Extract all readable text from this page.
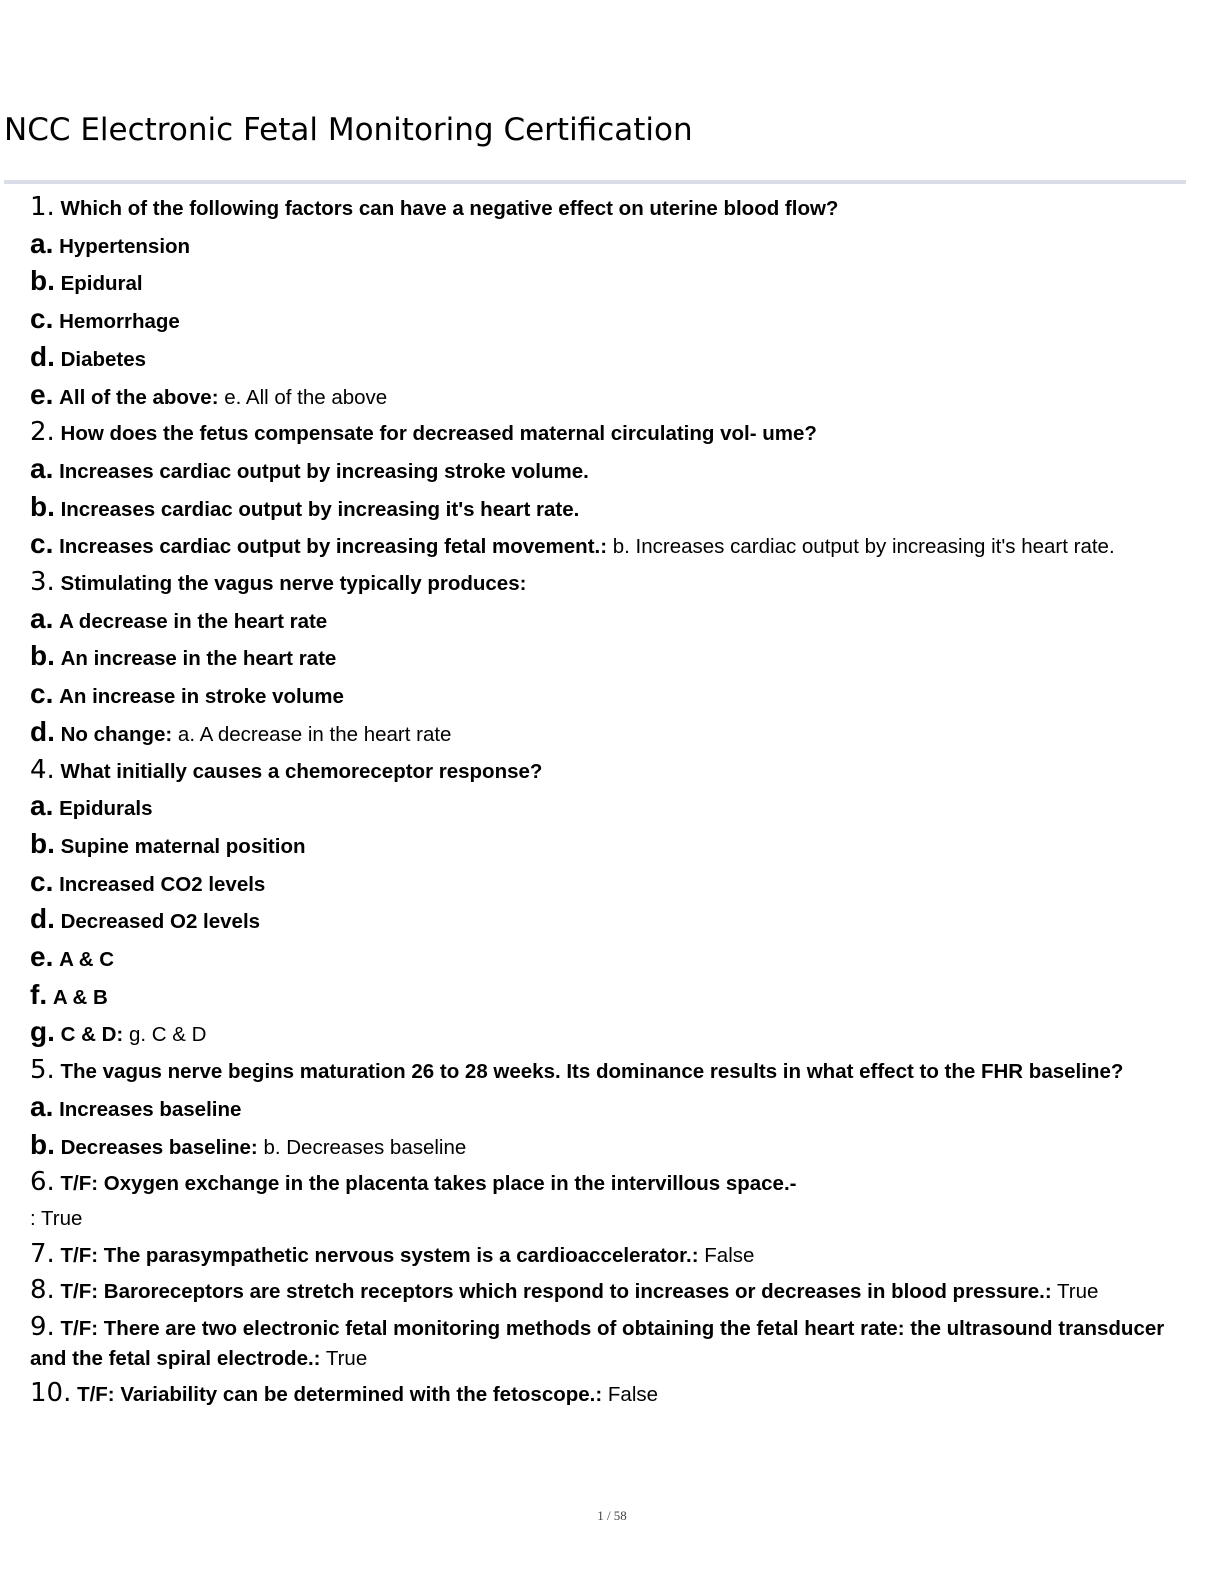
NCC Electronic Fetal Monitoring Certification
1. Which of the following factors can have a negative effect on uterine blood flow?
a. Hypertension
b. Epidural
c. Hemorrhage
d. Diabetes
e. All of the above: e. All of the above
2. How does the fetus compensate for decreased maternal circulating vol- ume?
a. Increases cardiac output by increasing stroke volume.
b. Increases cardiac output by increasing it's heart rate.
c. Increases cardiac output by increasing fetal movement.: b. Increases cardiac output by increasing it's heart rate.
3. Stimulating the vagus nerve typically produces:
a. A decrease in the heart rate
b. An increase in the heart rate
c. An increase in stroke volume
d. No change: a. A decrease in the heart rate
4. What initially causes a chemoreceptor response?
a. Epidurals
b. Supine maternal position
c. Increased CO2 levels
d. Decreased O2 levels
e. A & C
f. A & B
g. C & D: g. C & D
5. The vagus nerve begins maturation 26 to 28 weeks. Its dominance results in what effect to the FHR baseline?
a. Increases baseline
b. Decreases baseline: b. Decreases baseline
6. T/F: Oxygen exchange in the placenta takes place in the intervillous space.-
: True
7. T/F: The parasympathetic nervous system is a cardioaccelerator.: False
8. T/F: Baroreceptors are stretch receptors which respond to increases or decreases in blood pressure.: True
9. T/F: There are two electronic fetal monitoring methods of obtaining the fetal heart rate: the ultrasound transducer and the fetal spiral electrode.: True
10. T/F: Variability can be determined with the fetoscope.: False
1 / 58
